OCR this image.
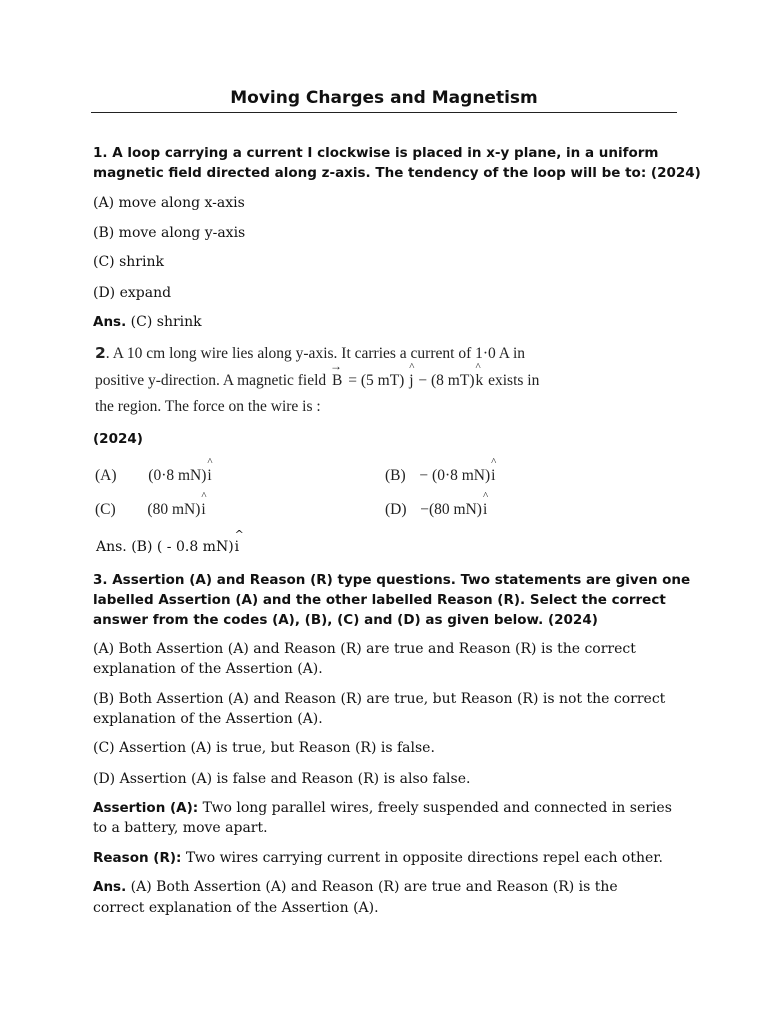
Moving Charges and Magnetism
1. A loop carrying a current I clockwise is placed in x-y plane, in a uniform
magnetic field directed along z-axis. The tendency of the loop will be to: (2024)
(A) move along x-axis
(B) move along y-axis
(C) shrink
(D) expand
Ans. (C) shrink
2. A 10 cm long wire lies along y-axis. It carries a current of 1·0 A in
positive y-direction. A magnetic field
→
B = (5 mT)
^
j − (8 mT)
^
k exists in
the region. The force on the wire is :
(2024)
(A) (0·8 mN)
^
i	(B) − (0·8 mN)
^
i
(C) (80 mN)
^
i	(D) −(80 mN)
^
i
Ans. (B) ( - 0.8 mN)
^
i
3. Assertion (A) and Reason (R) type questions. Two statements are given one
labelled Assertion (A) and the other labelled Reason (R). Select the correct
answer from the codes (A), (B), (C) and (D) as given below. (2024)
(A) Both Assertion (A) and Reason (R) are true and Reason (R) is the correct
explanation of the Assertion (A).
(B) Both Assertion (A) and Reason (R) are true, but Reason (R) is not the correct
explanation of the Assertion (A).
(C) Assertion (A) is true, but Reason (R) is false.
(D) Assertion (A) is false and Reason (R) is also false.
Assertion (A): Two long parallel wires, freely suspended and connected in series
to a battery, move apart.
Reason (R): Two wires carrying current in opposite directions repel each other.
Ans. (A) Both Assertion (A) and Reason (R) are true and Reason (R) is the
correct explanation of the Assertion (A).
